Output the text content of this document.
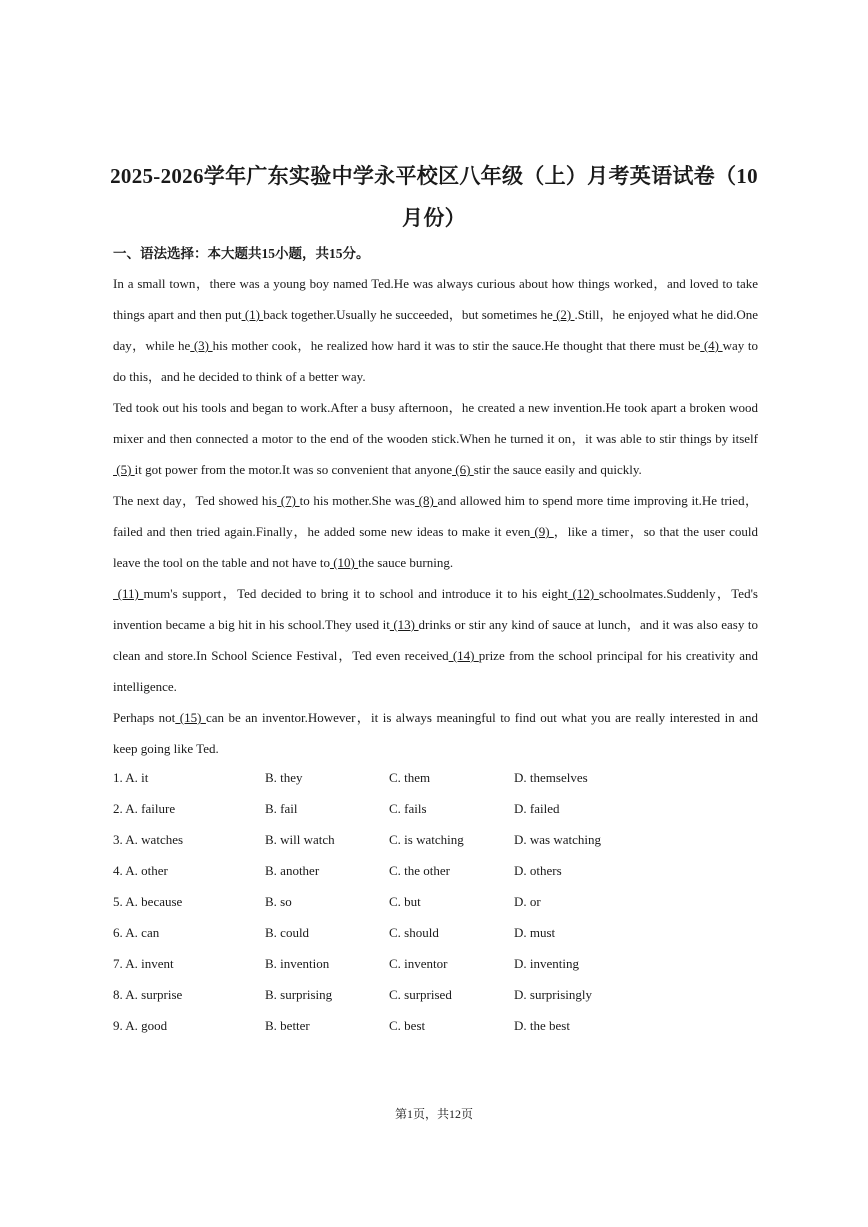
2025-2026学年广东实验中学永平校区八年级（上）月考英语试卷（10月份）
一、语法选择：本大题共15小题，共15分。

In a small town，there was a young boy named Ted.He was always curious about how things worked，and loved to take things apart and then put (1) back together.Usually he succeeded，but sometimes he (2) .Still，he enjoyed what he did.One day，while he (3) his mother cook，he realized how hard it was to stir the sauce.He thought that there must be (4) way to do this，and he decided to think of a better way.

Ted took out his tools and began to work.After a busy afternoon，he created a new invention.He took apart a broken wood mixer and then connected a motor to the end of the wooden stick.When he turned it on，it was able to stir things by itself (5) it got power from the motor.It was so convenient that anyone (6) stir the sauce easily and quickly.

The next day，Ted showed his (7) to his mother.She was (8) and allowed him to spend more time improving it.He tried，failed and then tried again.Finally，he added some new ideas to make it even (9) ，like a timer，so that the user could leave the tool on the table and not have to (10) the sauce burning.

(11) mum's support，Ted decided to bring it to school and introduce it to his eight (12) schoolmates.Suddenly，Ted's invention became a big hit in his school.They used it (13) drinks or stir any kind of sauce at lunch，and it was also easy to clean and store.In School Science Festival，Ted even received (14) prize from the school principal for his creativity and intelligence.

Perhaps not (15) can be an inventor.However，it is always meaningful to find out what you are really interested in and keep going like Ted.

1. A. it	B. they	C. them	D. themselves
2. A. failure	B. fail	C. fails	D. failed
3. A. watches	B. will watch	C. is watching	D. was watching
4. A. other	B. another	C. the other	D. others
5. A. because	B. so	C. but	D. or
6. A. can	B. could	C. should	D. must
7. A. invent	B. invention	C. inventor	D. inventing
8. A. surprise	B. surprising	C. surprised	D. surprisingly
9. A. good	B. better	C. best	D. the best
第1页，共12页
